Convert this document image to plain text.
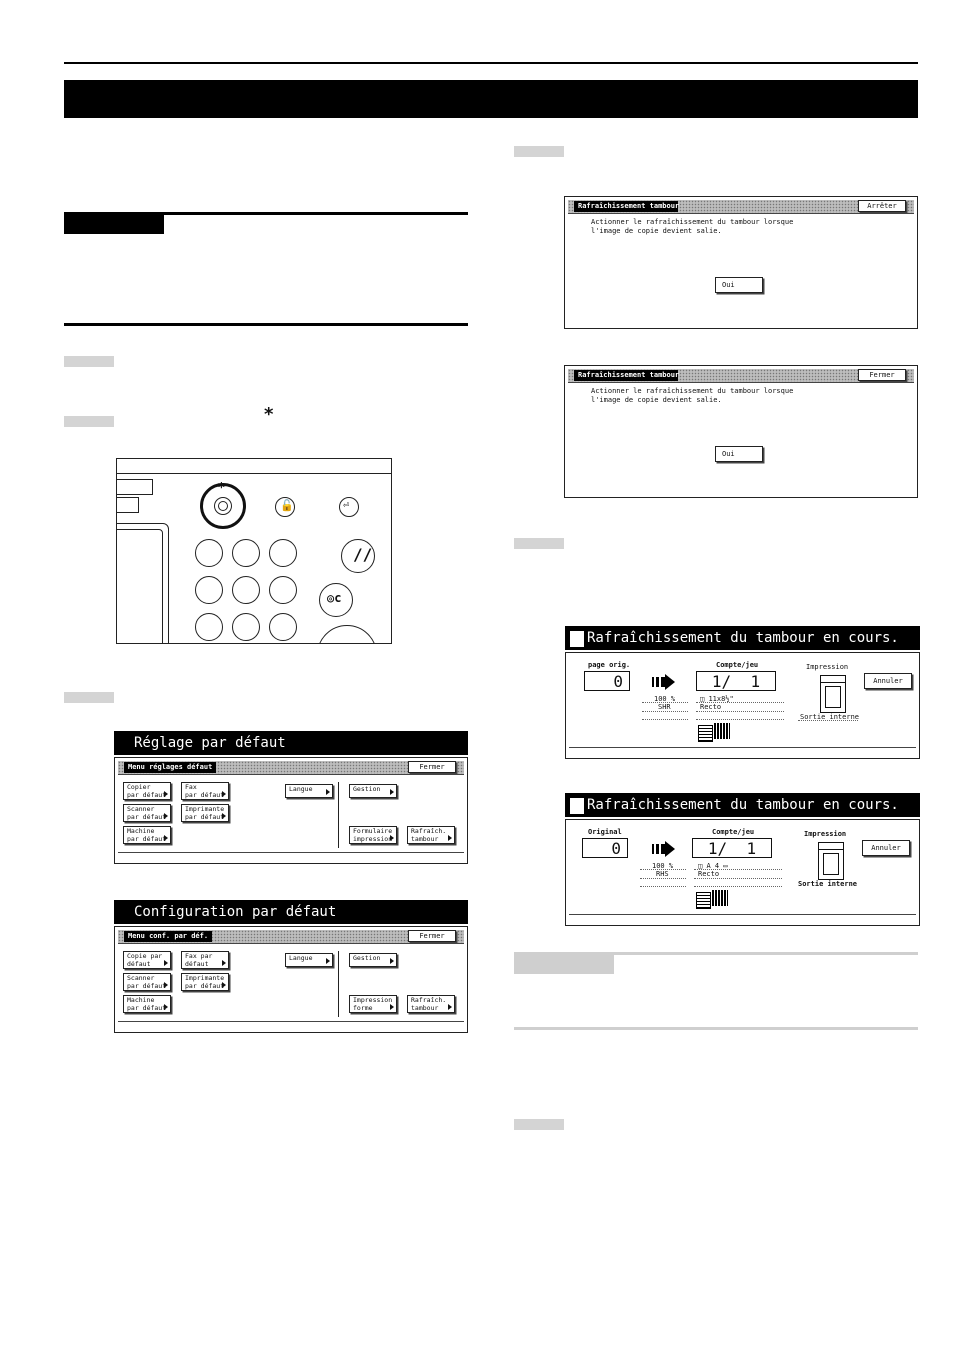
*
*
🔓	⏎
//
◎c
Réglage par défaut
Menu réglages défaut	Fermer
Copier
par défaut
Fax
par défaut
Langue	Gestion
Scanner
par défaut
Imprimante
par défaut
Machine
par défaut
Formulaire
impression
Rafraîch.
tambour
Configuration par défaut
Menu conf. par déf.	Fermer
Copie par
défaut
Fax par
défaut
Langue	Gestion
Scanner
par défaut
Imprimante
par défaut
Machine
par défaut
Impression
forme
Rafraîch.
tambour
Rafraîchissement tambour	Arrêter
Actionner le rafraîchissement du tambour lorsque
l'image de copie devient salie.
Oui
Rafraîchissement tambour	Fermer
Actionner le rafraîchissement du tambour lorsque
l'image de copie devient salie.
Oui
Rafraîchissement du tambour en cours.
page orig.
0
Compte/jeu
1/  1
100 %
SHR
◫ 11x8½"
Recto
Impression
Sortie interne
Annuler
Rafraîchissement du tambour en cours.
Original
0
Compte/jeu
1/  1
100 %
RHS
◫ A 4 ▭
Recto
Impression
Sortie interne
Annuler
